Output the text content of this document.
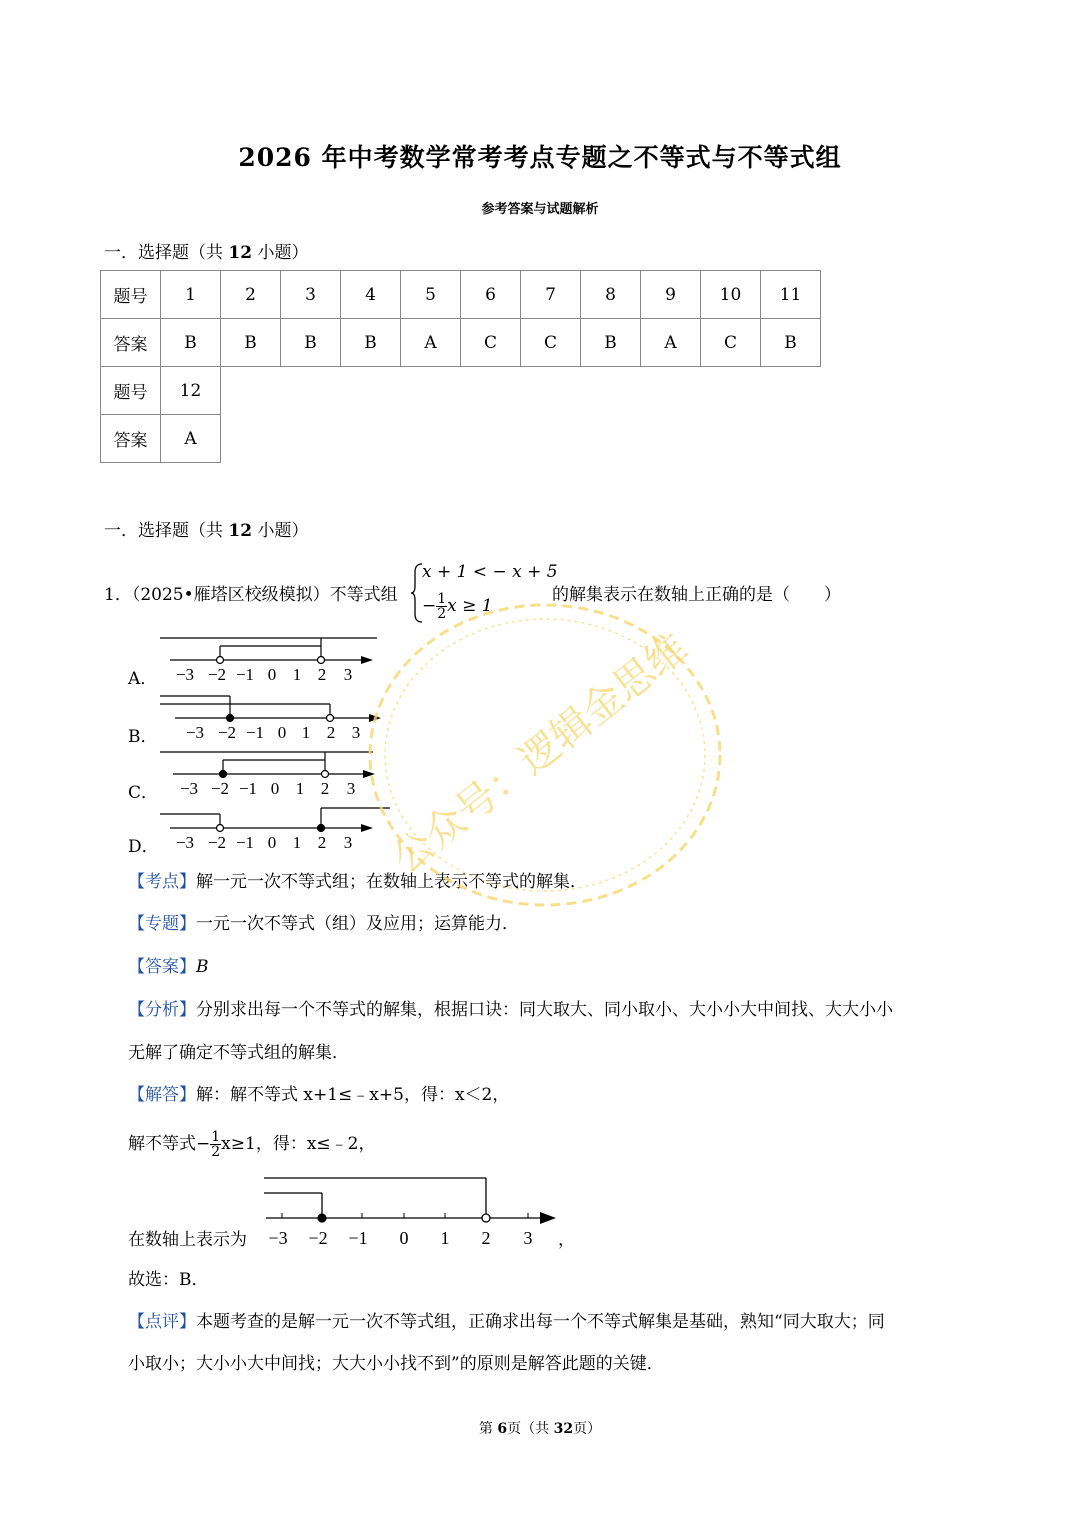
2026 年中考数学常考考点专题之不等式与不等式组
参考答案与试题解析
一．选择题（共 12 小题）
题号	1	2	3	4	5	6	7	8	9	10	11
答案	B	B	B	B	A	C	C	B	A	C	B
题号	12										
答案	A										
一．选择题（共 12 小题）
1．（2025•雁塔区校级模拟）不等式组
x + 1 < − x + 5
− $\frac{1}{2}$ x ≥ 1
的解集表示在数轴上正确的是（　　）
A．
B．
C．
D．
−3 −2 −1 0 1 2 3
−3 −2 −1 0 1 2 3
−3 −2 −1 0 1 2 3
−3 −2 −1 0 1 2 3
【考点】解一元一次不等式组；在数轴上表示不等式的解集．
【专题】一元一次不等式（组）及应用；运算能力．
【答案】B
【分析】分别求出每一个不等式的解集，根据口诀：同大取大、同小取小、大小小大中间找、大大小小
无解了确定不等式组的解集．
【解答】解：解不等式 x+1≤﹣x+5，得：x＜2，
解不等式− $\frac{1}{2} x\ge 1$，得：x≤﹣2，
在数轴上表示为 −3 −2 −1 0 1 2 3 ，
故选：B．
【点评】本题考查的是解一元一次不等式组，正确求出每一个不等式解集是基础，熟知“同大取大；同
小取小；大小小大中间找；大大小小找不到”的原则是解答此题的关键．
第 6页（共 32页）
公众号：逻辑金思维
